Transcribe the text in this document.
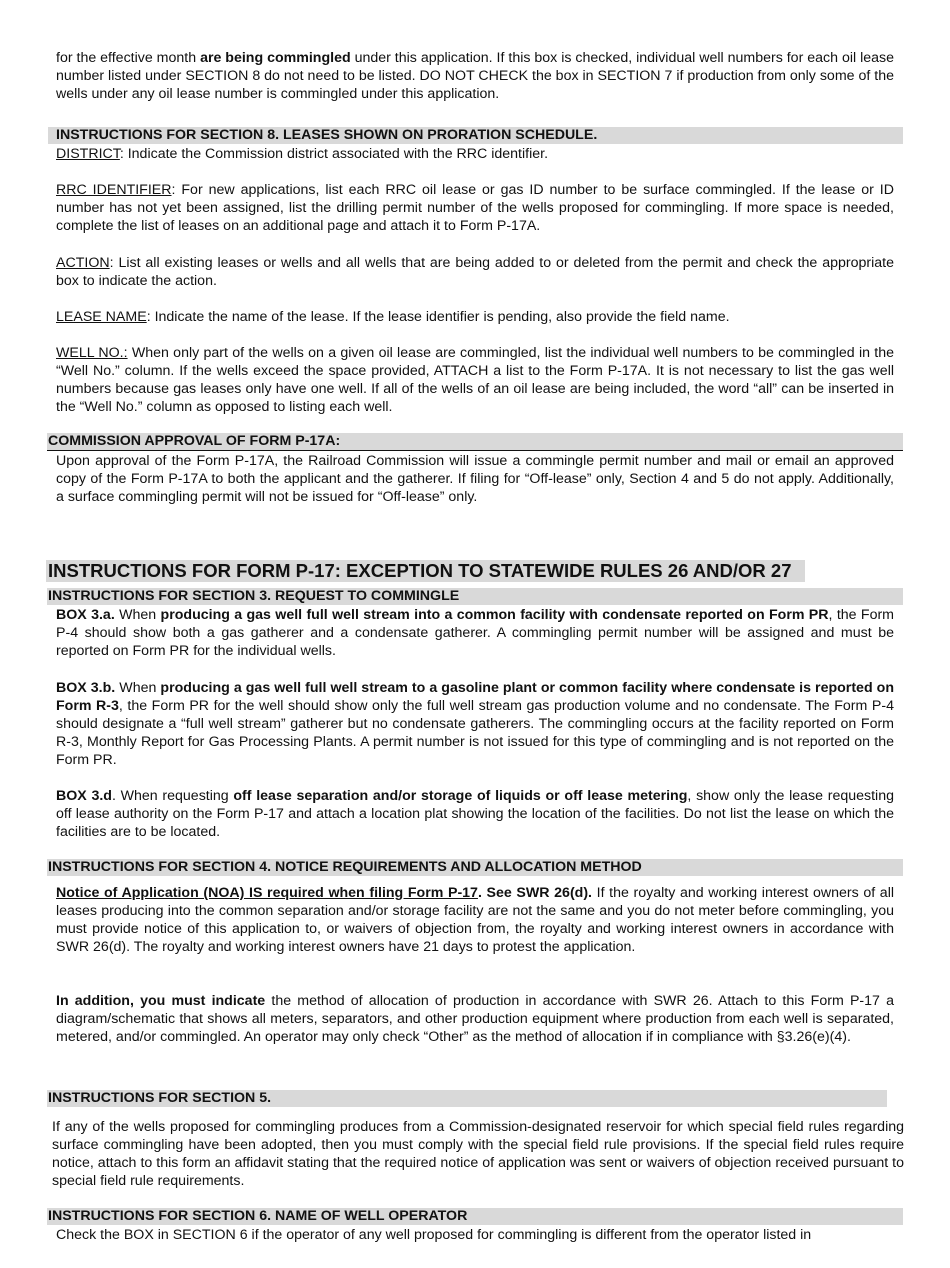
for the effective month are being commingled under this application. If this box is checked, individual well numbers for each oil lease number listed under SECTION 8 do not need to be listed. DO NOT CHECK the box in SECTION 7 if production from only some of the wells under any oil lease number is commingled under this application.

INSTRUCTIONS FOR SECTION 8. LEASES SHOWN ON PRORATION SCHEDULE.

DISTRICT: Indicate the Commission district associated with the RRC identifier.

RRC IDENTIFIER: For new applications, list each RRC oil lease or gas ID number to be surface commingled. If the lease or ID number has not yet been assigned, list the drilling permit number of the wells proposed for commingling. If more space is needed, complete the list of leases on an additional page and attach it to Form P-17A.

ACTION: List all existing leases or wells and all wells that are being added to or deleted from the permit and check the appropriate box to indicate the action.

LEASE NAME: Indicate the name of the lease. If the lease identifier is pending, also provide the field name.

WELL NO.: When only part of the wells on a given oil lease are commingled, list the individual well numbers to be commingled in the “Well No.” column. If the wells exceed the space provided, ATTACH a list to the Form P-17A. It is not necessary to list the gas well numbers because gas leases only have one well. If all of the wells of an oil lease are being included, the word “all” can be inserted in the “Well No.” column as opposed to listing each well.

COMMISSION APPROVAL OF FORM P-17A:

Upon approval of the Form P-17A, the Railroad Commission will issue a commingle permit number and mail or email an approved copy of the Form P-17A to both the applicant and the gatherer. If filing for “Off-lease” only, Section 4 and 5 do not apply. Additionally, a surface commingling permit will not be issued for “Off-lease” only.

INSTRUCTIONS FOR FORM P-17: EXCEPTION TO STATEWIDE RULES 26 AND/OR 27
INSTRUCTIONS FOR SECTION 3. REQUEST TO COMMINGLE

BOX 3.a. When producing a gas well full well stream into a common facility with condensate reported on Form PR, the Form P-4 should show both a gas gatherer and a condensate gatherer. A commingling permit number will be assigned and must be reported on Form PR for the individual wells.

BOX 3.b. When producing a gas well full well stream to a gasoline plant or common facility where condensate is reported on Form R-3, the Form PR for the well should show only the full well stream gas production volume and no condensate. The Form P-4 should designate a “full well stream” gatherer but no condensate gatherers. The commingling occurs at the facility reported on Form R-3, Monthly Report for Gas Processing Plants. A permit number is not issued for this type of commingling and is not reported on the Form PR.

BOX 3.d. When requesting off lease separation and/or storage of liquids or off lease metering, show only the lease requesting off lease authority on the Form P-17 and attach a location plat showing the location of the facilities. Do not list the lease on which the facilities are to be located.

INSTRUCTIONS FOR SECTION 4. NOTICE REQUIREMENTS AND ALLOCATION METHOD

Notice of Application (NOA) IS required when filing Form P-17. See SWR 26(d). If the royalty and working interest owners of all leases producing into the common separation and/or storage facility are not the same and you do not meter before commingling, you must provide notice of this application to, or waivers of objection from, the royalty and working interest owners in accordance with SWR 26(d). The royalty and working interest owners have 21 days to protest the application.

In addition, you must indicate the method of allocation of production in accordance with SWR 26. Attach to this Form P-17 a diagram/schematic that shows all meters, separators, and other production equipment where production from each well is separated, metered, and/or commingled. An operator may only check “Other” as the method of allocation if in compliance with §3.26(e)(4).

INSTRUCTIONS FOR SECTION 5.

If any of the wells proposed for commingling produces from a Commission-designated reservoir for which special field rules regarding surface commingling have been adopted, then you must comply with the special field rule provisions. If the special field rules require notice, attach to this form an affidavit stating that the required notice of application was sent or waivers of objection received pursuant to special field rule requirements.

INSTRUCTIONS FOR SECTION 6. NAME OF WELL OPERATOR

Check the BOX in SECTION 6 if the operator of any well proposed for commingling is different from the operator listed in
